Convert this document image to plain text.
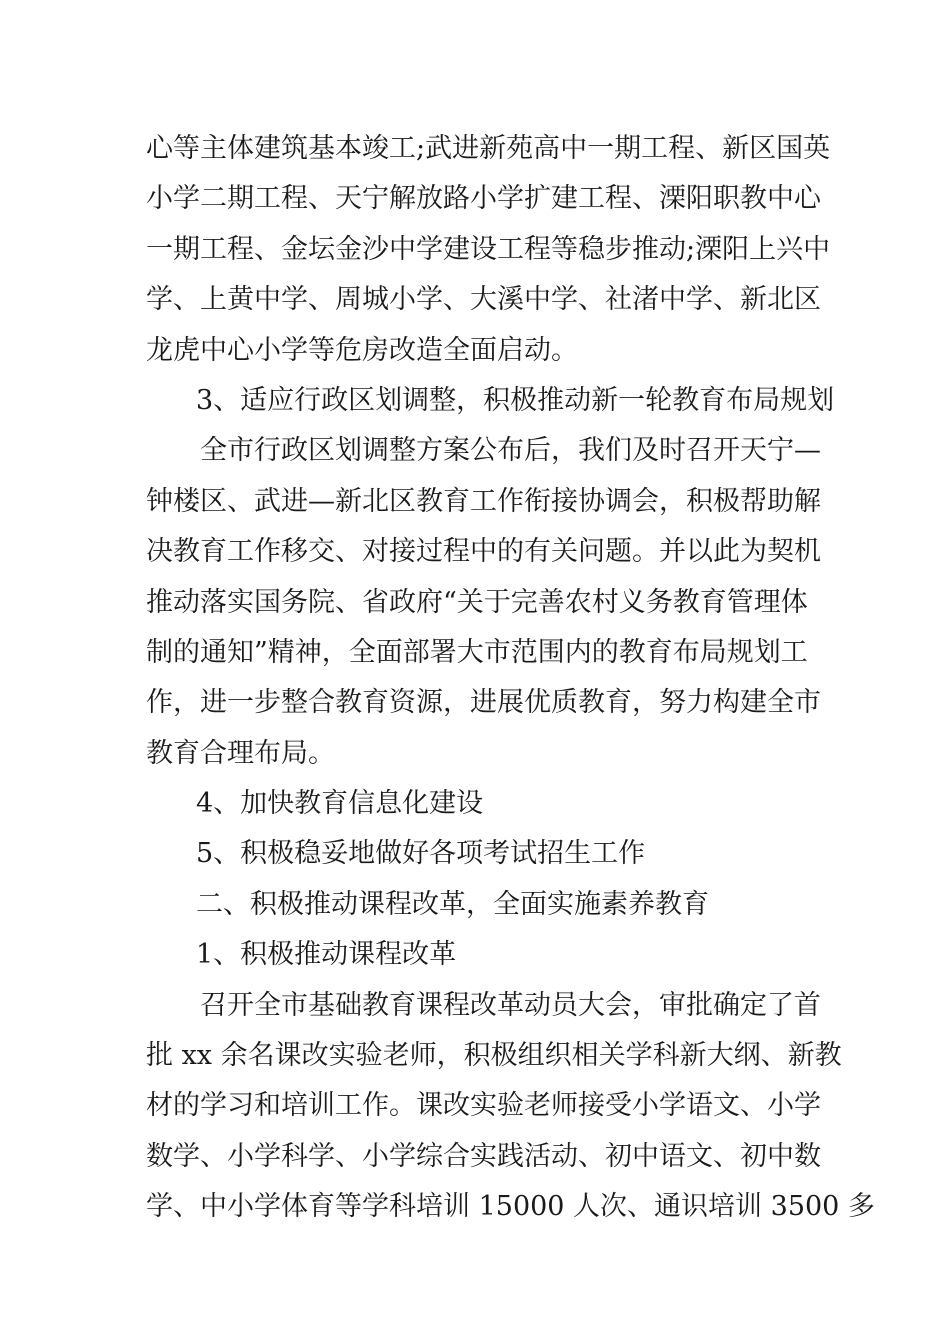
心等主体建筑基本竣工;武进新苑高中一期工程、新区国英
小学二期工程、天宁解放路小学扩建工程、溧阳职教中心
一期工程、金坛金沙中学建设工程等稳步推动;溧阳上兴中
学、上黄中学、周城小学、大溪中学、社渚中学、新北区
龙虎中心小学等危房改造全面启动。
3、适应行政区划调整，积极推动新一轮教育布局规划
全市行政区划调整方案公布后，我们及时召开天宁—
钟楼区、武进—新北区教育工作衔接协调会，积极帮助解
决教育工作移交、对接过程中的有关问题。并以此为契机
推动落实国务院、省政府“关于完善农村义务教育管理体
制的通知”精神，全面部署大市范围内的教育布局规划工
作，进一步整合教育资源，进展优质教育，努力构建全市
教育合理布局。
4、加快教育信息化建设
5、积极稳妥地做好各项考试招生工作
二、积极推动课程改革，全面实施素养教育
1、积极推动课程改革
召开全市基础教育课程改革动员大会，审批确定了首
批 xx 余名课改实验老师，积极组织相关学科新大纲、新教
材的学习和培训工作。课改实验老师接受小学语文、小学
数学、小学科学、小学综合实践活动、初中语文、初中数
学、中小学体育等学科培训 15000 人次、通识培训 3500 多
